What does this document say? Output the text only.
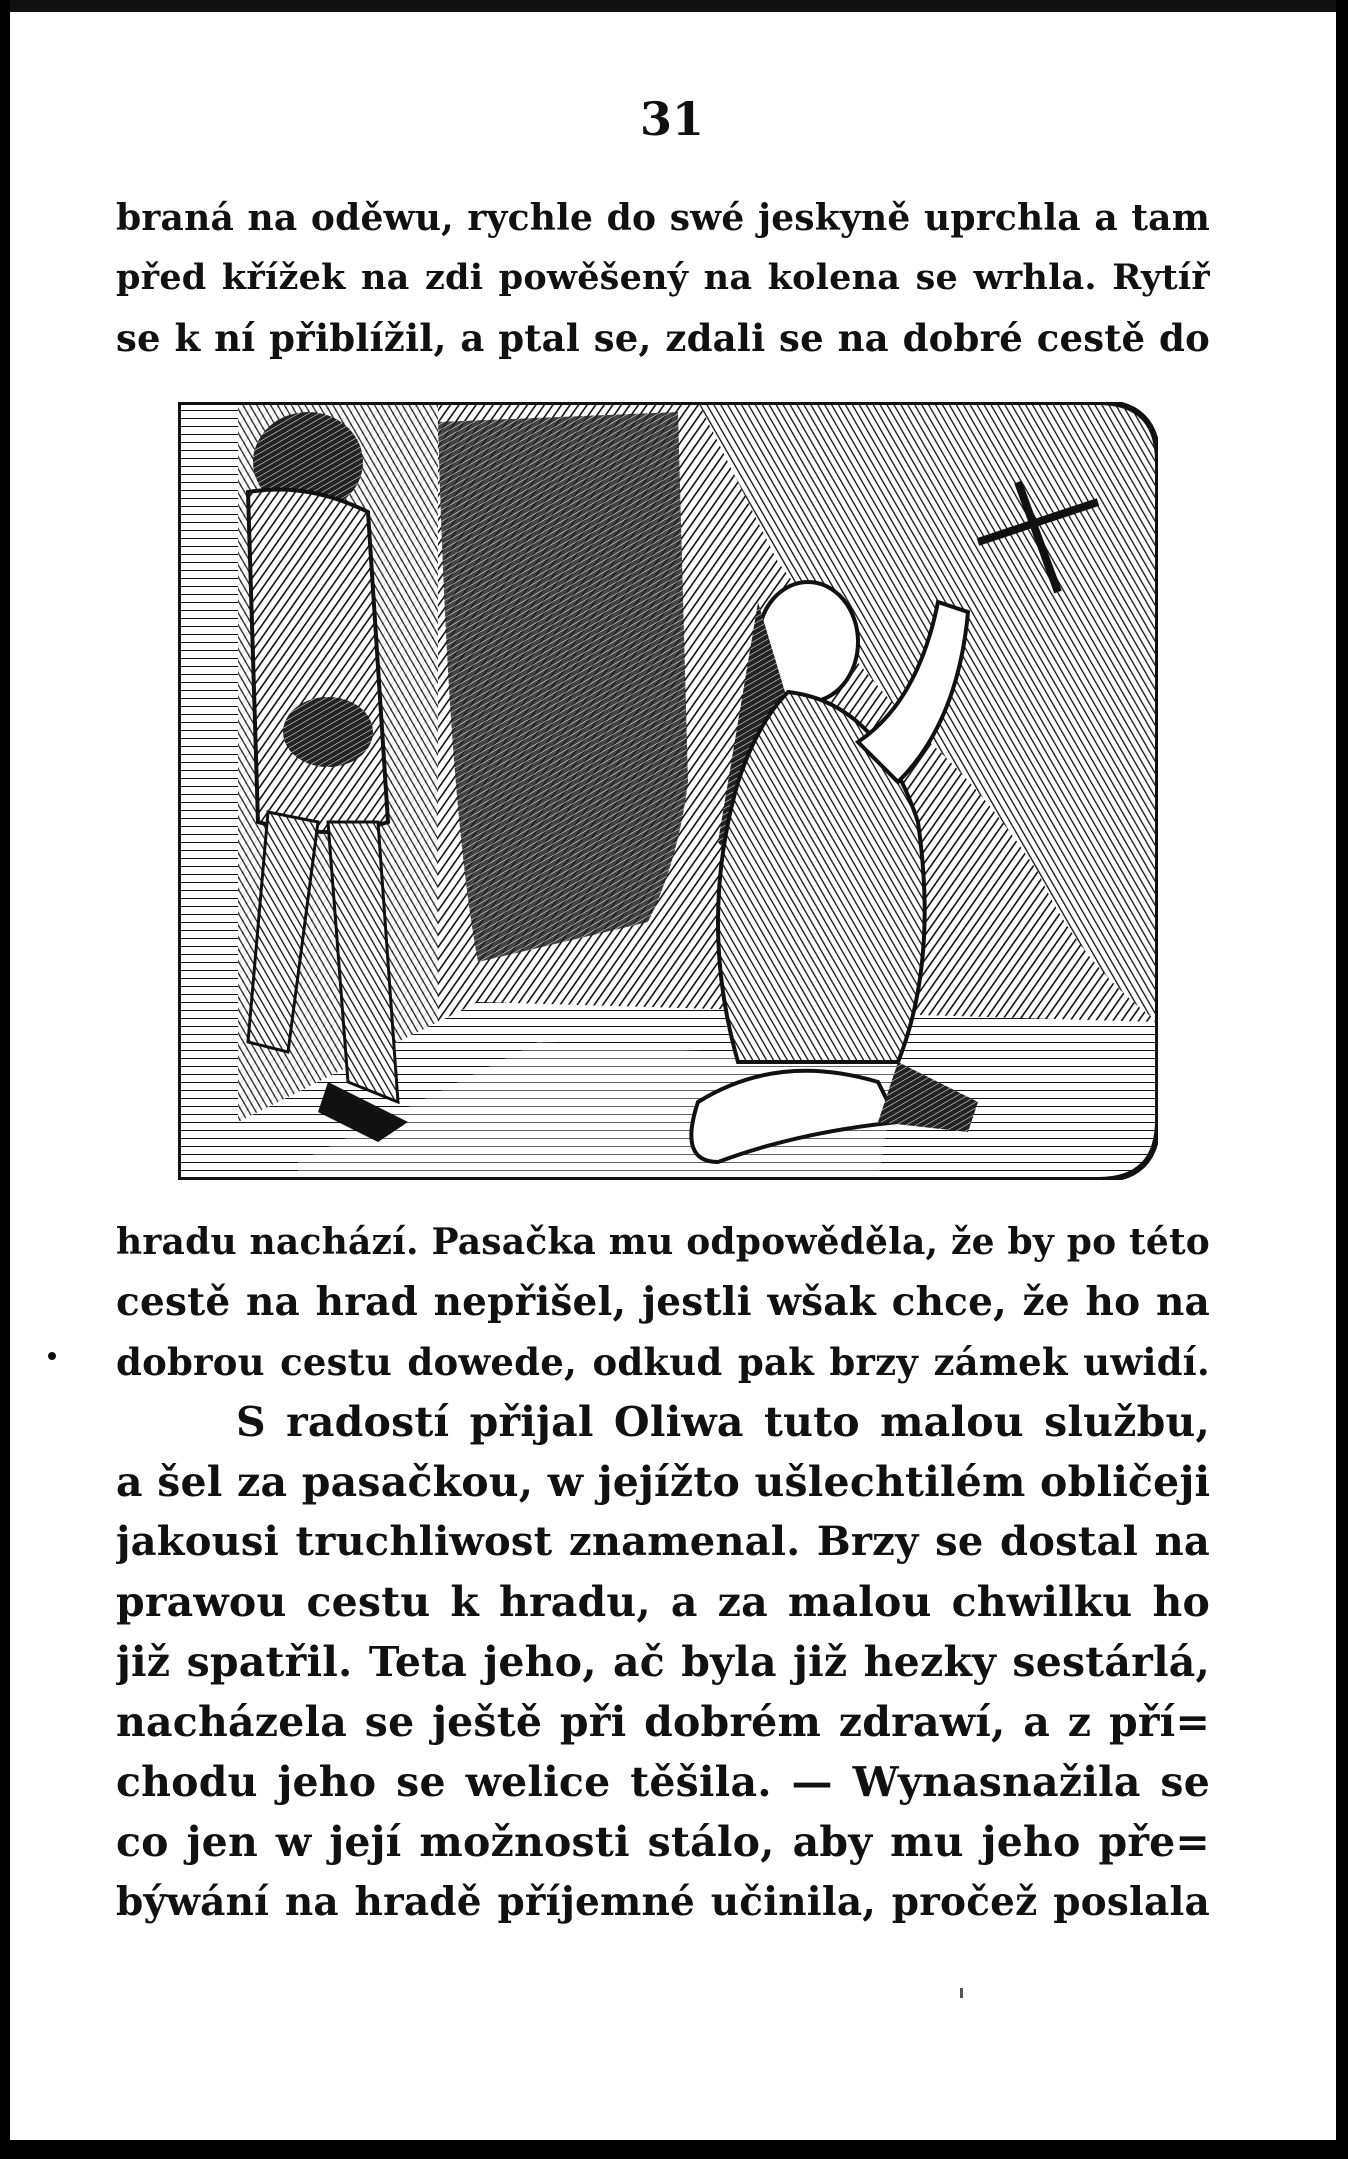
31
braná na oděwu, rychle do swé jeskyně uprchla a tam
před křížek na zdi powěšený na kolena se wrhla. Rytíř
se k ní přiblížil, a ptal se, zdali se na dobré cestě do
hradu nachází. Pasačka mu odpowěděla, že by po této
cestě na hrad nepřišel, jestli wšak chce, že ho na
dobrou cestu dowede, odkud pak brzy zámek uwidí.
S radostí přijal Oliwa tuto malou službu,
a šel za pasačkou, w jejížto ušlechtilém obličeji
jakousi truchliwost znamenal. Brzy se dostal na
prawou cestu k hradu, a za malou chwilku ho
již spatřil. Teta jeho, ač byla již hezky sestárlá,
nacházela se ještě při dobrém zdrawí, a z pří=
chodu jeho se welice těšila. — Wynasnažila se
co jen w její možnosti stálo, aby mu jeho pře=
býwání na hradě příjemné učinila, pročež poslala
